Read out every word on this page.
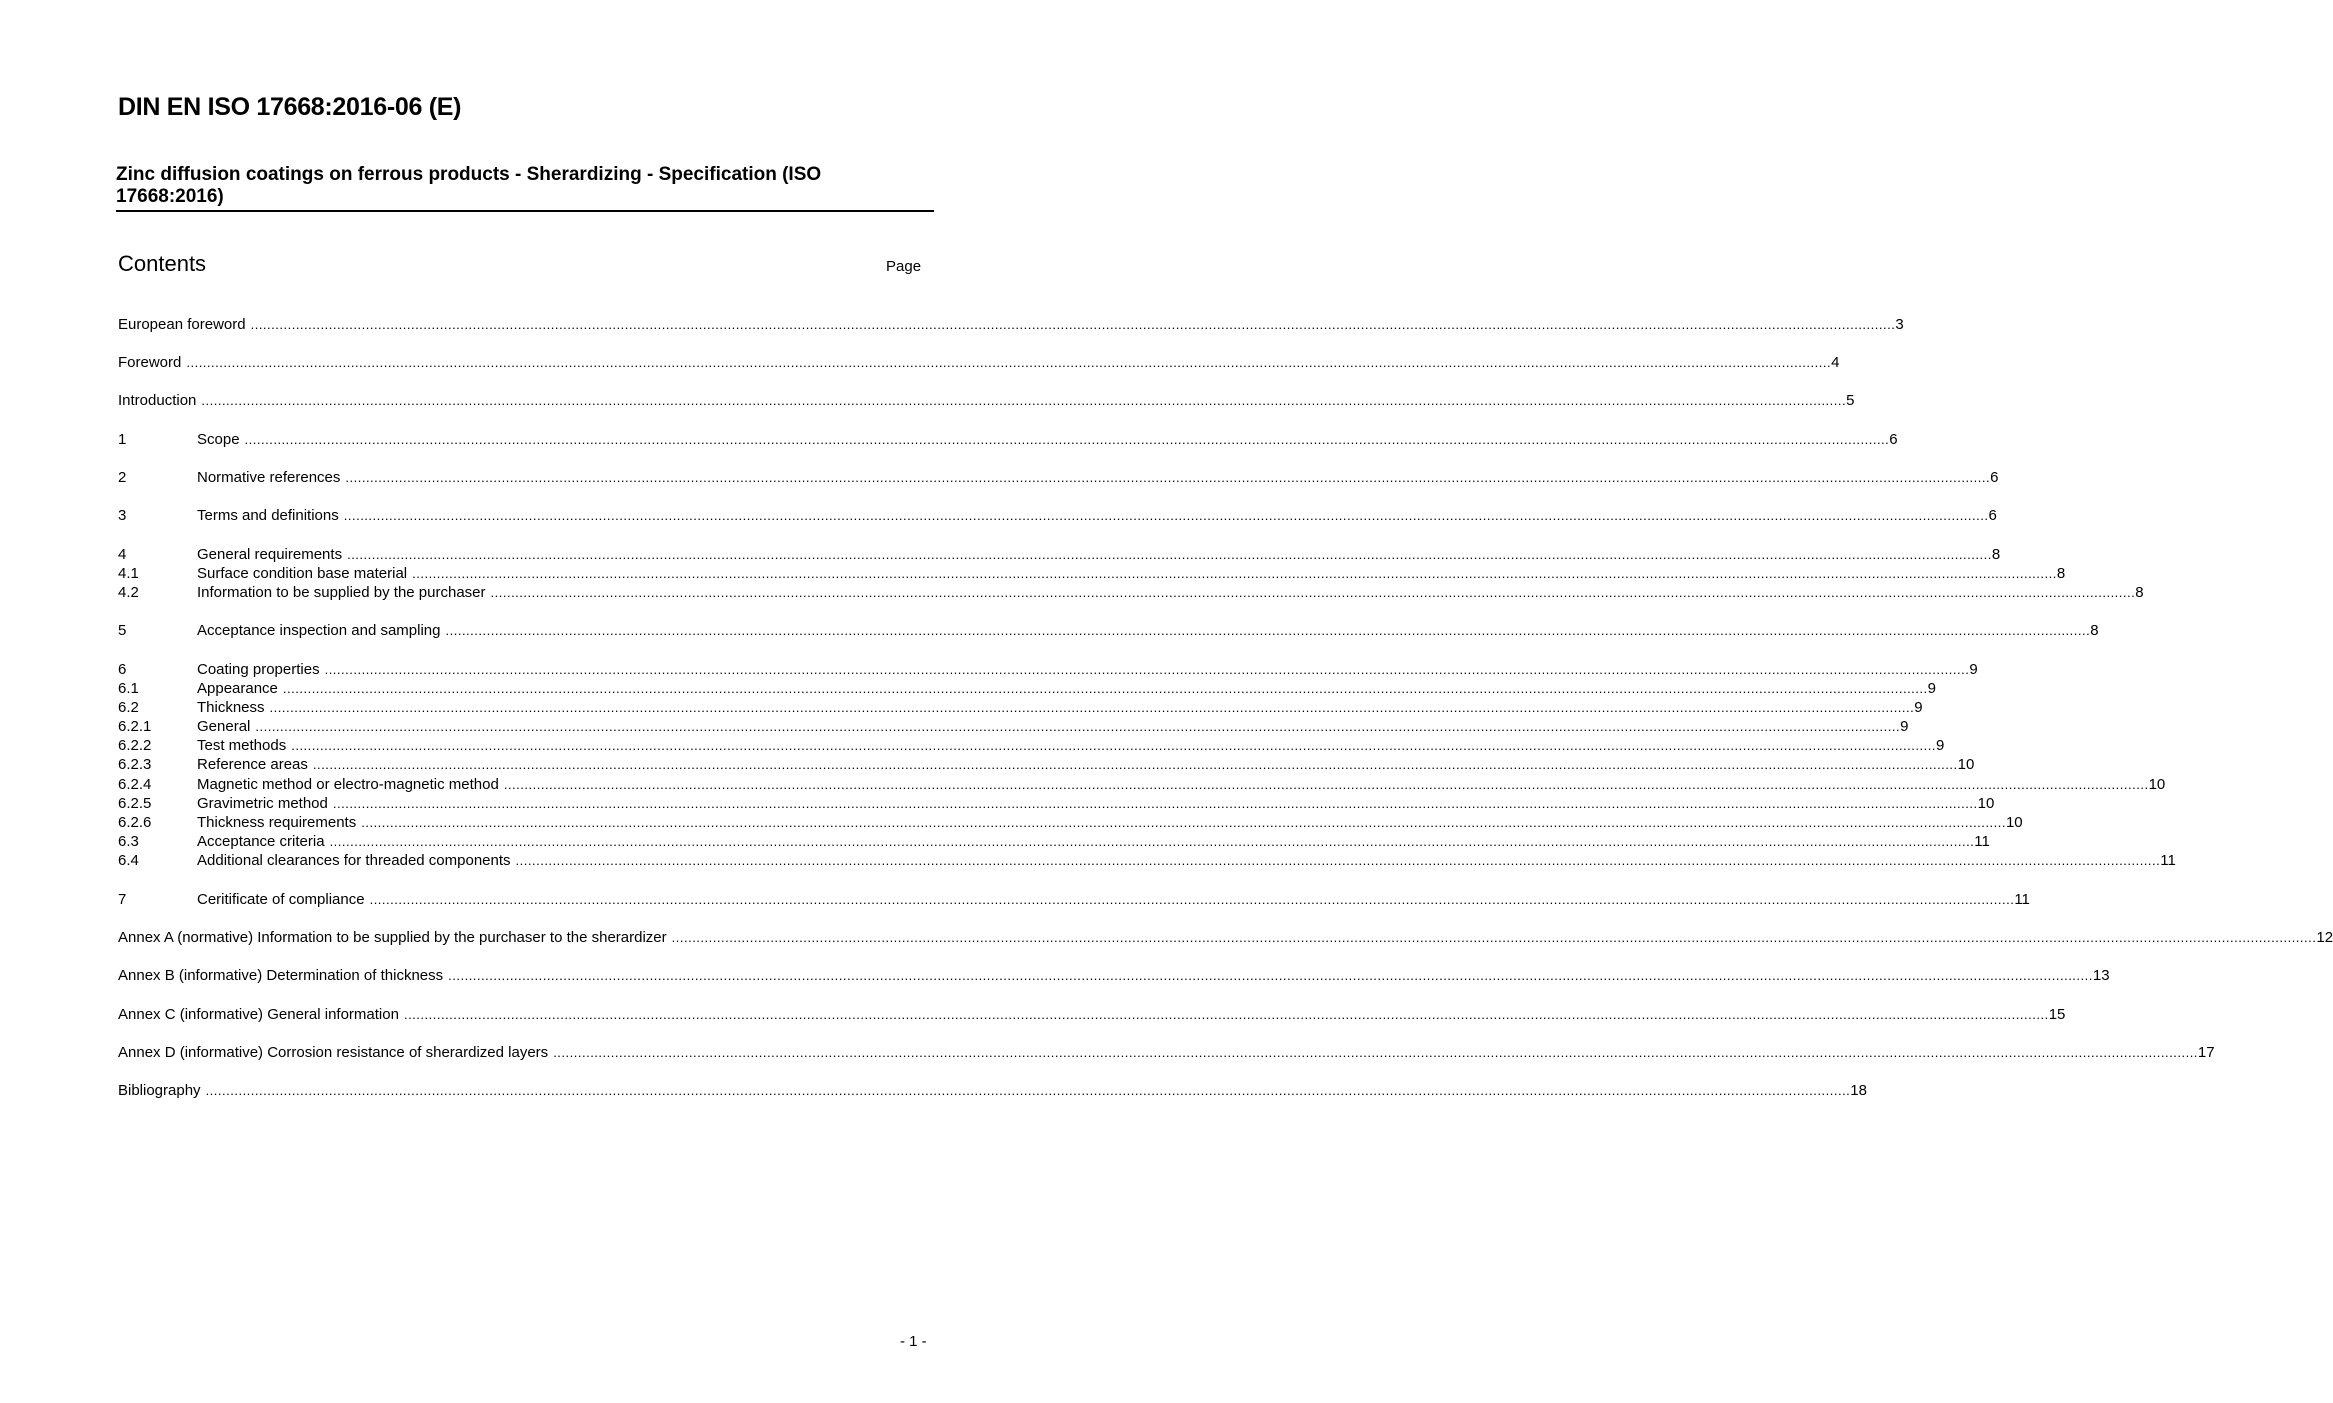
DIN EN ISO 17668:2016-06 (E)
Zinc diffusion coatings on ferrous products - Sherardizing - Specification (ISO 17668:2016)
Contents	Page
European foreword ................................................................................................................................................................................................................................................................................................................................................................................................................ 3
Foreword ................................................................................................................................................................................................................................................................................................................................................................................................................ 4
Introduction ................................................................................................................................................................................................................................................................................................................................................................................................................ 5
1	Scope ................................................................................................................................................................................................................................................................................................................................................................................................................ 6
2	Normative references ................................................................................................................................................................................................................................................................................................................................................................................................................ 6
3	Terms and definitions ................................................................................................................................................................................................................................................................................................................................................................................................................ 6
4	General requirements ................................................................................................................................................................................................................................................................................................................................................................................................................ 8
4.1	Surface condition base material ................................................................................................................................................................................................................................................................................................................................................................................................................ 8
4.2	Information to be supplied by the purchaser ................................................................................................................................................................................................................................................................................................................................................................................................................ 8
5	Acceptance inspection and sampling ................................................................................................................................................................................................................................................................................................................................................................................................................ 8
6	Coating properties ................................................................................................................................................................................................................................................................................................................................................................................................................ 9
6.1	Appearance ................................................................................................................................................................................................................................................................................................................................................................................................................ 9
6.2	Thickness ................................................................................................................................................................................................................................................................................................................................................................................................................ 9
6.2.1	General ................................................................................................................................................................................................................................................................................................................................................................................................................ 9
6.2.2	Test methods ................................................................................................................................................................................................................................................................................................................................................................................................................ 9
6.2.3	Reference areas ................................................................................................................................................................................................................................................................................................................................................................................................................ 10
6.2.4	Magnetic method or electro-magnetic method ................................................................................................................................................................................................................................................................................................................................................................................................................ 10
6.2.5	Gravimetric method ................................................................................................................................................................................................................................................................................................................................................................................................................ 10
6.2.6	Thickness requirements ................................................................................................................................................................................................................................................................................................................................................................................................................ 10
6.3	Acceptance criteria ................................................................................................................................................................................................................................................................................................................................................................................................................ 11
6.4	Additional clearances for threaded components ................................................................................................................................................................................................................................................................................................................................................................................................................ 11
7	Ceritificate of compliance ................................................................................................................................................................................................................................................................................................................................................................................................................ 11
Annex A (normative) Information to be supplied by the purchaser to the sherardizer ................................................................................................................................................................................................................................................................................................................................................................................................................ 12
Annex B (informative) Determination of thickness ................................................................................................................................................................................................................................................................................................................................................................................................................ 13
Annex C (informative) General information ................................................................................................................................................................................................................................................................................................................................................................................................................ 15
Annex D (informative) Corrosion resistance of sherardized layers ................................................................................................................................................................................................................................................................................................................................................................................................................ 17
Bibliography ................................................................................................................................................................................................................................................................................................................................................................................................................ 18
- 1 -
